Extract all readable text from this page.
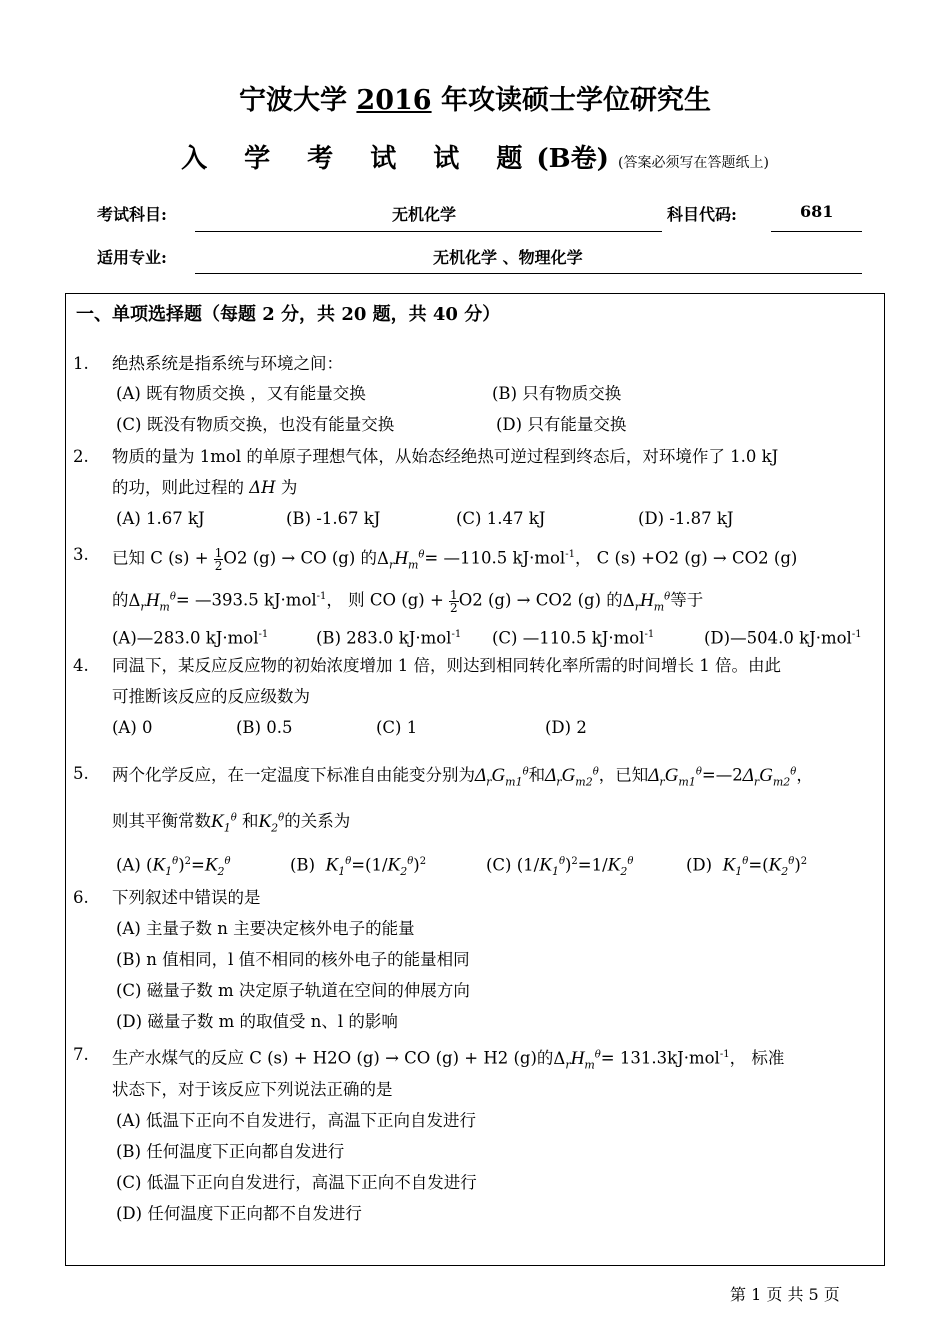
宁波大学 2016 年攻读硕士学位研究生
入 学 考 试 试 题(B卷) (答案必须写在答题纸上)
考试科目:	无机化学	科目代码:	681
适用专业:	无机化学 、物理化学
一、单项选择题（每题 2 分，共 20 题，共 40 分）
1. 绝热系统是指系统与环境之间：
(A) 既有物质交换 ，又有能量交换	(B) 只有物质交换
(C) 既没有物质交换，也没有能量交换	(D) 只有能量交换
2. 物质的量为 1mol 的单原子理想气体，从始态经绝热可逆过程到终态后，对环境作了 1.0 kJ
的功，则此过程的 ΔH 为
(A) 1.67 kJ	(B) -1.67 kJ	(C) 1.47 kJ	(D) -1.87 kJ
3. 已知 C $(s) + \frac{1}{2} O2$ (g) → CO (g) 的$\Delta_rH_m^\theta=$ —110.5 kJ·mol$^{-1}$， C (s) +O2 (g) → CO2 (g)
的$\Delta_rH_m^\theta=$ —393.5 kJ·mol$^{-1}$， 则 CO $(g) + \frac{1}{2} O2$ (g) → CO2 (g) 的$\Delta_rH_m^\theta$等于
(A)—283.0 kJ·mol$^{-1}$	(B) 283.0 kJ·mol$^{-1}$ (C) —110.5 kJ·mol$^{-1}$	(D)—504.0 kJ·mol$^{-1}$
4. 同温下，某反应反应物的初始浓度增加 1 倍，则达到相同转化率所需的时间增长 1 倍。由此
可推断该反应的反应级数为
(A) 0	(B) 0.5	(C) 1	(D) 2
5. 两个化学反应，在一定温度下标准自由能变分别为$\Delta_rG_{m1}^\theta$和$\Delta_rG_{m2}^\theta$，已知$\Delta_rG_{m1}^\theta=—2\Delta_rG_{m2}^\theta$，
则其平衡常数$K_1^\theta$ 和$K_2^\theta$的关系为
(A) $(K_1^\theta)^2=K_2^\theta$	(B) $K_1^\theta=(1/K_2^\theta)^2$	(C) $(1/K_1^\theta)^2=1/K_2^\theta$	(D) $K_1^\theta=(K_2^\theta)^2$
6. 下列叙述中错误的是
(A) 主量子数 n 主要决定核外电子的能量
(B) n 值相同，l 值不相同的核外电子的能量相同
(C) 磁量子数 m 决定原子轨道在空间的伸展方向
(D) 磁量子数 m 的取值受 n、l 的影响
7. 生产水煤气的反应 C (s) + H2O (g) → CO (g) + H2 (g)的$\Delta_rH_m^\theta= 131.3kJ\cdot mol^{-1}$， 标准
状态下，对于该反应下列说法正确的是
(A) 低温下正向不自发进行，高温下正向自发进行
(B) 任何温度下正向都自发进行
(C) 低温下正向自发进行，高温下正向不自发进行
(D) 任何温度下正向都不自发进行
第 1 页 共 5 页
